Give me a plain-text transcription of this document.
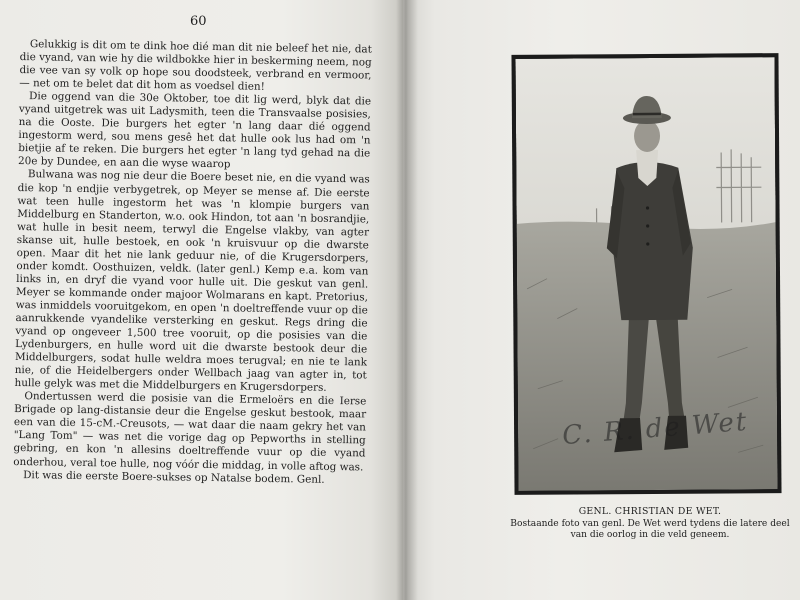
60

Gelukkig is dit om te dink hoe dié man dit nie beleef het nie, dat die vyand, van wie hy die wildbokke hier in beskerming neem, nog die vee van sy volk op hope sou doodsteek, verbrand en vermoor, — net om te belet dat dit hom as voedsel dien!

Die oggend van die 30e Oktober, toe dit lig werd, blyk dat die vyand uitgetrek was uit Ladysmith, teen die Transvaalse posisies, na die Ooste. Die burgers het egter 'n lang daar dié oggend ingestorm werd, sou mens gesê het dat hulle ook lus had om 'n bietjie af te reken. Die burgers het egter 'n lang tyd gehad na die 20e by Dundee, en aan die wyse waarop

Bulwana was nog nie deur die Boere beset nie, en die vyand was die kop 'n endjie verbygetrek, op Meyer se mense af. Die eerste wat teen hulle ingestorm het was 'n klompie burgers van Middelburg en Standerton, w.o. ook Hindon, tot aan 'n bosrandjie, wat hulle in besit neem, terwyl die Engelse vlakby, van agter skanse uit, hulle bestoek, en ook 'n kruisvuur op die dwarste open. Maar dit het nie lank geduur nie, of die Krugersdorpers, onder komdt. Oosthuizen, veldk. (later genl.) Kemp e.a. kom van links in, en dryf die vyand voor hulle uit. Die geskut van genl. Meyer se kommande onder majoor Wolmarans en kapt. Pretorius, was inmiddels vooruitgekom, en open 'n doeltreffende vuur op die aanrukkende vyandelike versterking en geskut. Regs dring die vyand op ongeveer 1,500 tree vooruit, op die posisies van die Lydenburgers, en hulle word uit die dwarste bestook deur die Middelburgers, sodat hulle weldra moes terugval; en nie te lank nie, of die Heidelbergers onder Wellbach jaag van agter in, tot hulle gelyk was met die Middelburgers en Krugersdorpers.

Ondertussen werd die posisie van die Ermeloërs en die Ierse Brigade op lang-distansie deur die Engelse geskut bestook, maar een van die 15-cM.-Creusots, — wat daar die naam gekry het van "Lang Tom" — was net die vorige dag op Pepworths in stelling gebring, en kon 'n allesins doeltreffende vuur op die vyand onderhou, veral toe hulle, nog vóór die middag, in volle aftog was.

Dit was die eerste Boere-sukses op Natalse bodem. Genl.

C. R. de Wet
GENL. CHRISTIAN DE WET.
Bostaande foto van genl. De Wet werd tydens die latere deel van die oorlog in die veld geneem.
